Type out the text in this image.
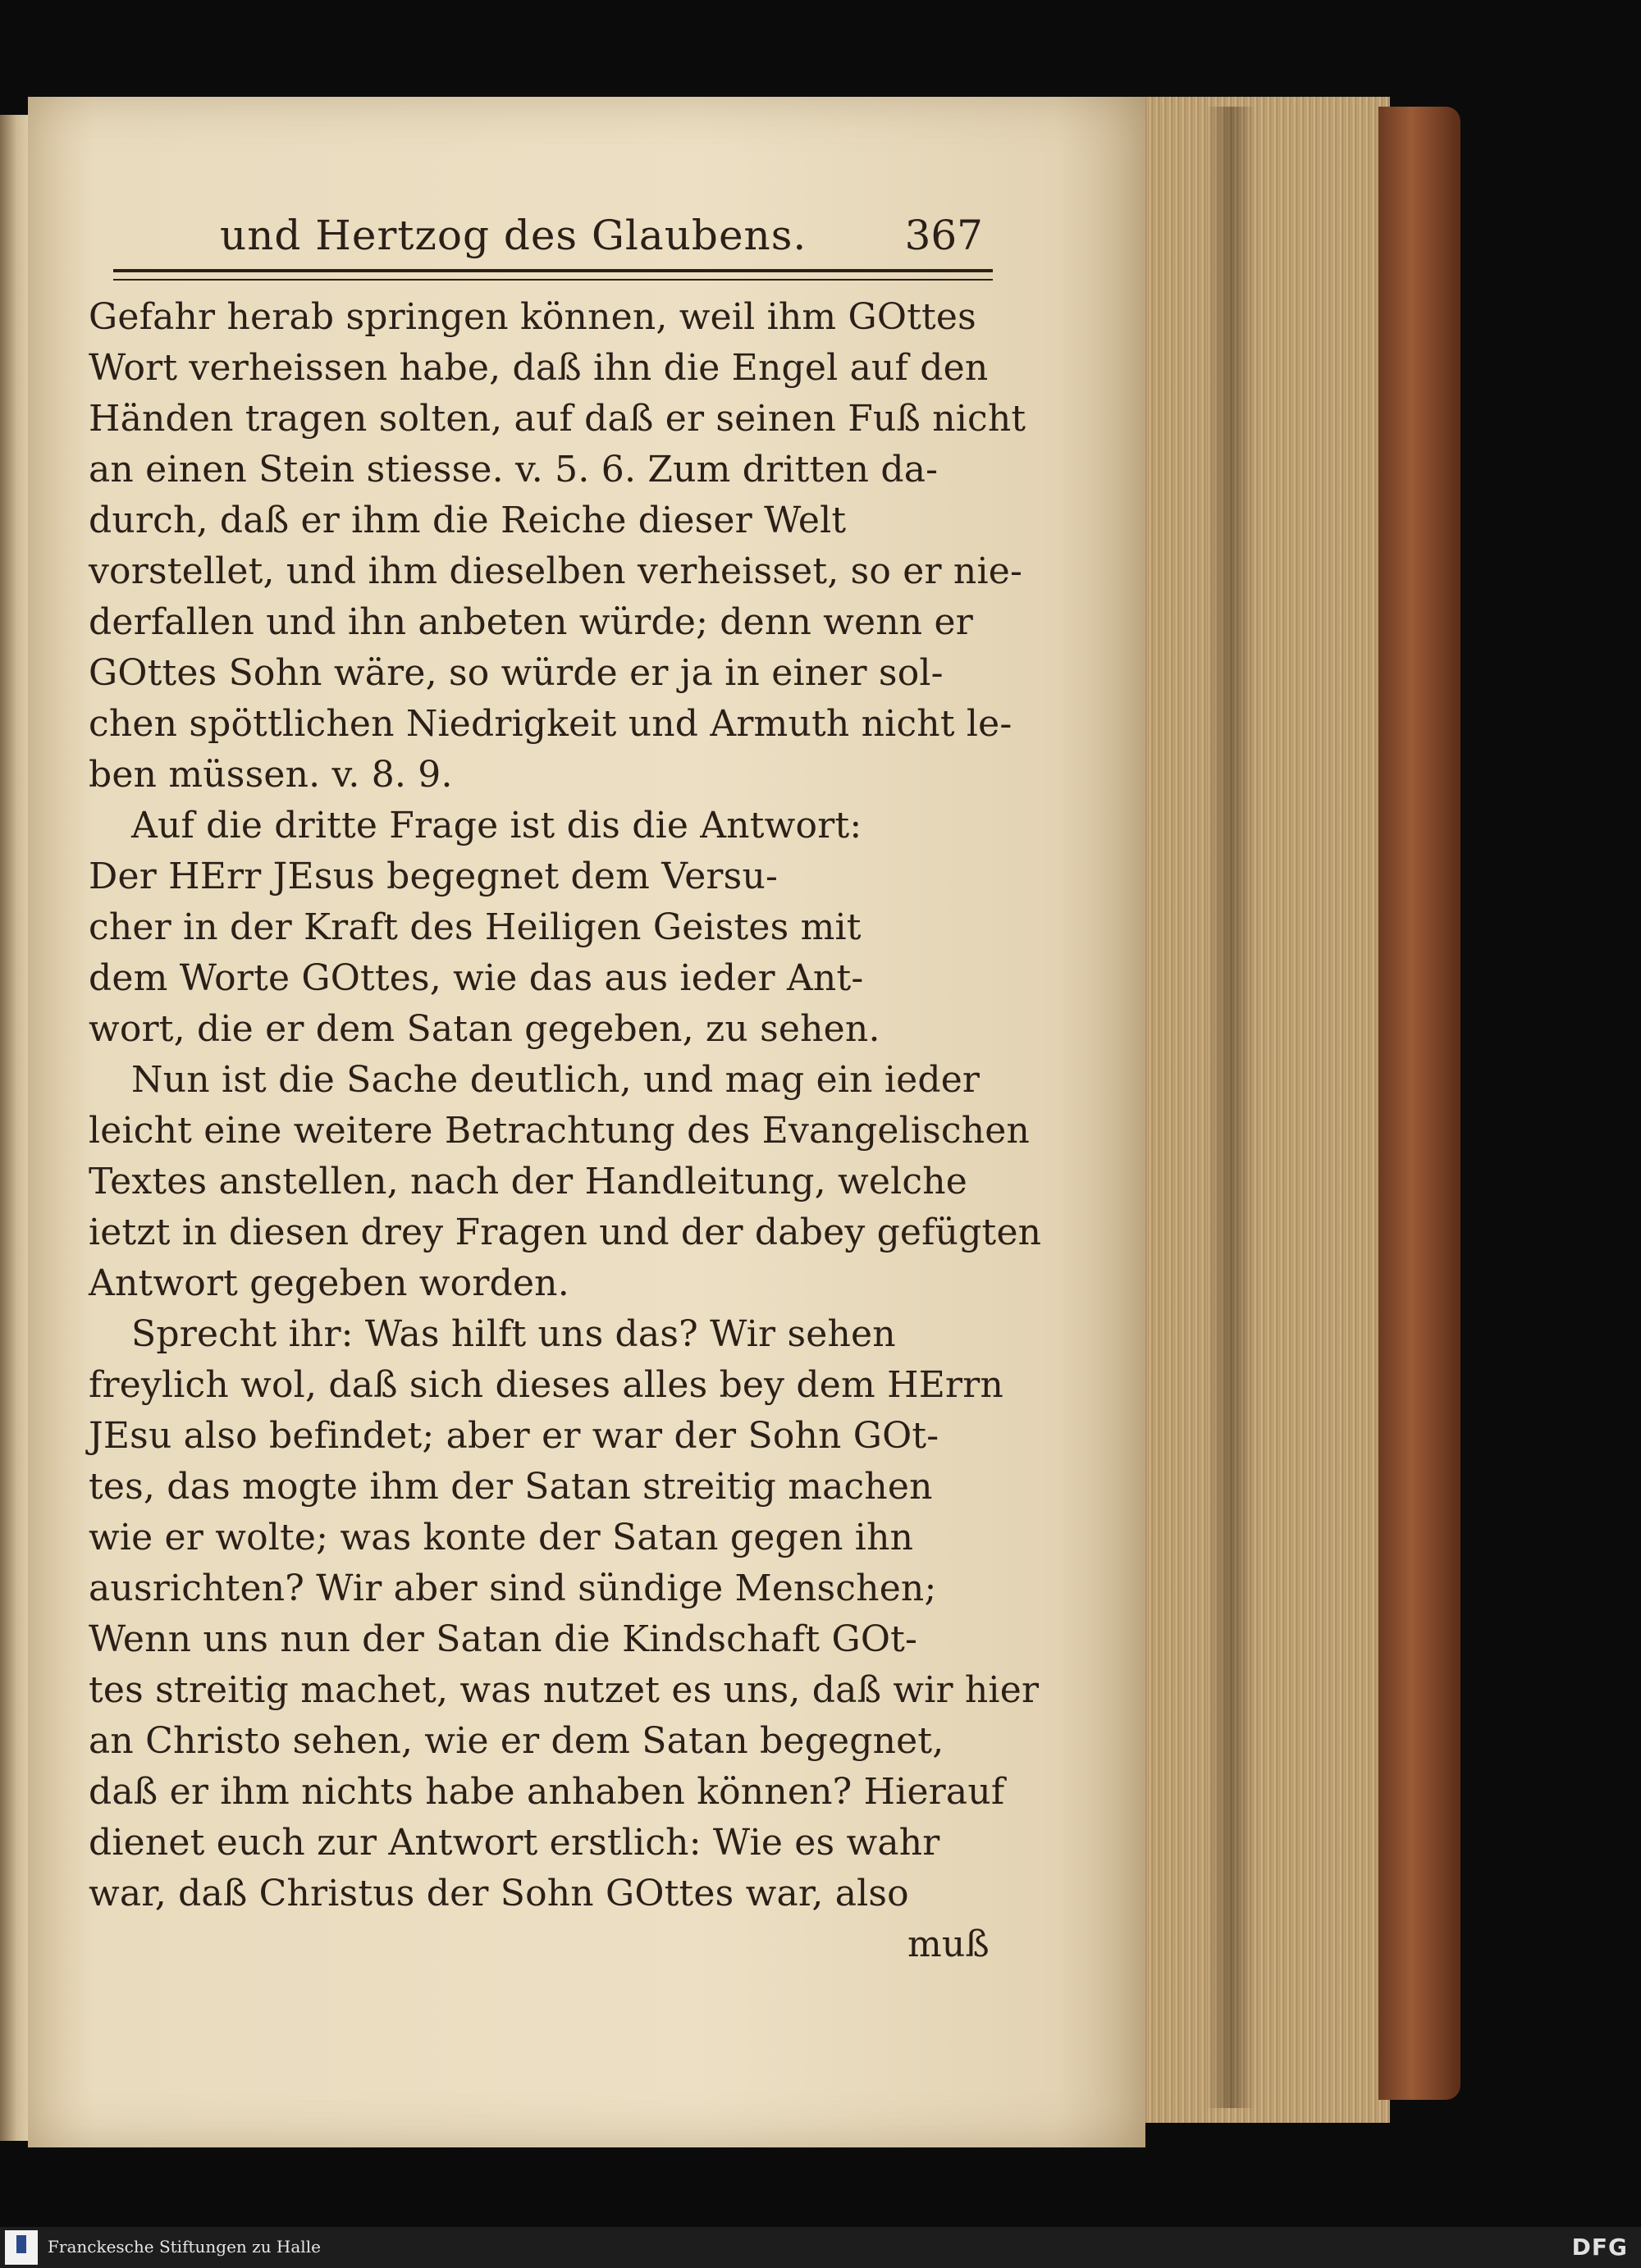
und Hertzog des Glaubens. 367
Gefahr herab springen können, weil ihm GOttes
Wort verheissen habe, daß ihn die Engel auf den
Händen tragen solten, auf daß er seinen Fuß nicht
an einen Stein stiesse. v. 5. 6. Zum dritten da-
durch, daß er ihm die Reiche dieser Welt
vorstellet, und ihm dieselben verheisset, so er nie-
derfallen und ihn anbeten würde; denn wenn er
GOttes Sohn wäre, so würde er ja in einer sol-
chen spöttlichen Niedrigkeit und Armuth nicht le-
ben müssen. v. 8. 9.
Auf die dritte Frage ist dis die Antwort:
Der HErr JEsus begegnet dem Versu-
cher in der Kraft des Heiligen Geistes mit
dem Worte GOttes, wie das aus ieder Ant-
wort, die er dem Satan gegeben, zu sehen.
Nun ist die Sache deutlich, und mag ein ieder
leicht eine weitere Betrachtung des Evangelischen
Textes anstellen, nach der Handleitung, welche
ietzt in diesen drey Fragen und der dabey gefügten
Antwort gegeben worden.
Sprecht ihr: Was hilft uns das? Wir sehen
freylich wol, daß sich dieses alles bey dem HErrn
JEsu also befindet; aber er war der Sohn GOt-
tes, das mogte ihm der Satan streitig machen
wie er wolte; was konte der Satan gegen ihn
ausrichten? Wir aber sind sündige Menschen;
Wenn uns nun der Satan die Kindschaft GOt-
tes streitig machet, was nutzet es uns, daß wir hier
an Christo sehen, wie er dem Satan begegnet,
daß er ihm nichts habe anhaben können? Hierauf
dienet euch zur Antwort erstlich: Wie es wahr
war, daß Christus der Sohn GOttes war, also
muß
Franckesche Stiftungen zu Halle	DFG
